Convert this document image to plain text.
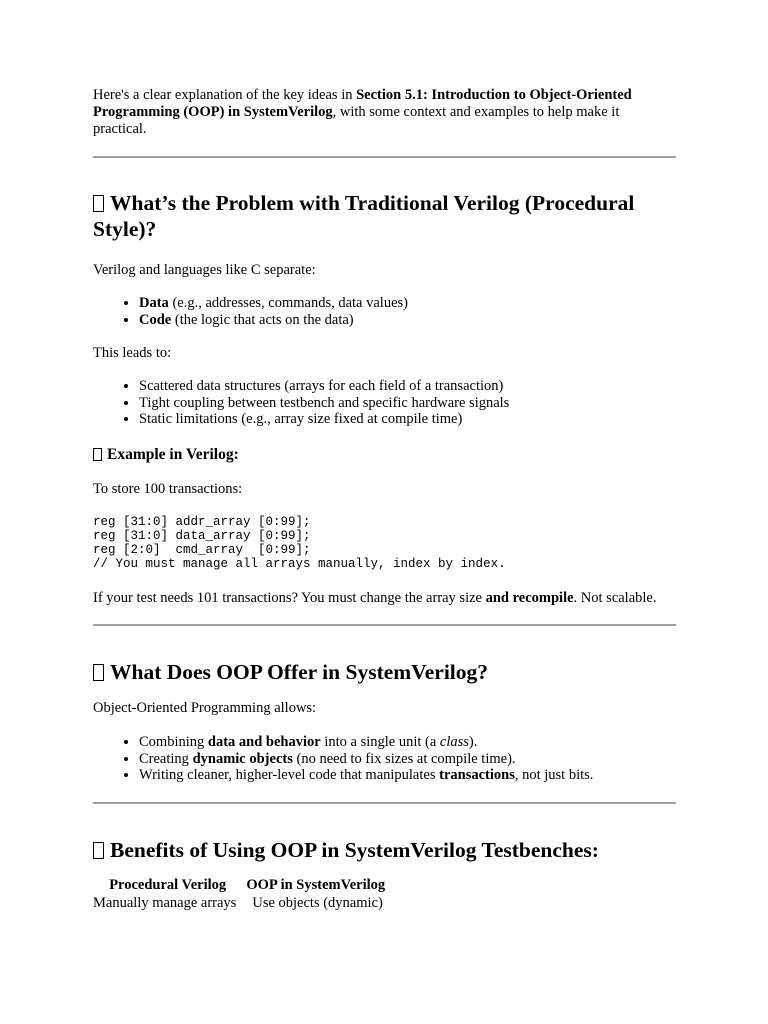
Here's a clear explanation of the key ideas in Section 5.1: Introduction to Object-Oriented Programming (OOP) in SystemVerilog, with some context and examples to help make it practical.

What’s the Problem with Traditional Verilog (Procedural Style)?

Verilog and languages like C separate:

• Data (e.g., addresses, commands, data values)
• Code (the logic that acts on the data)

This leads to:

• Scattered data structures (arrays for each field of a transaction)
• Tight coupling between testbench and specific hardware signals
• Static limitations (e.g., array size fixed at compile time)
Example in Verilog:

To store 100 transactions:

reg [31:0] addr_array [0:99];
reg [31:0] data_array [0:99];
reg [2:0]  cmd_array  [0:99];
// You must manage all arrays manually, index by index.

If your test needs 101 transactions? You must change the array size and recompile. Not scalable.

What Does OOP Offer in SystemVerilog?

Object-Oriented Programming allows:

• Combining data and behavior into a single unit (a class).
• Creating dynamic objects (no need to fix sizes at compile time).
• Writing cleaner, higher-level code that manipulates transactions, not just bits.
Benefits of Using OOP in SystemVerilog Testbenches:
Procedural Verilog	OOP in SystemVerilog
Manually manage arrays	Use objects (dynamic)
